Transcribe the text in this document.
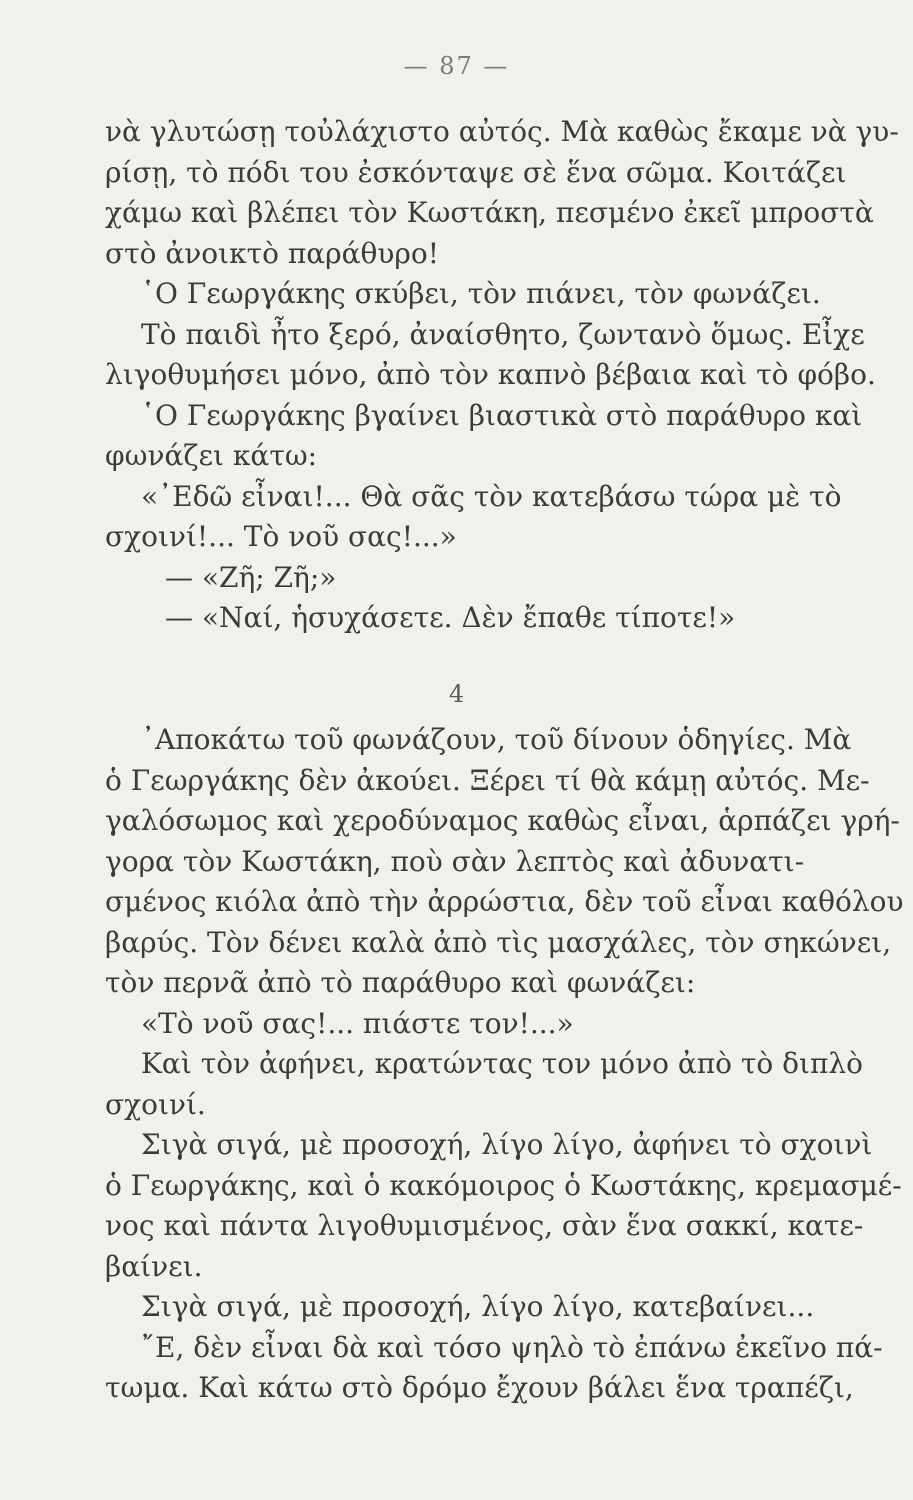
— 87 —
νὰ γλυτώσῃ τοὐλάχιστο αὐτός. Μὰ καθὼς ἔκαμε νὰ γυ-
ρίσῃ, τὸ πόδι του ἐσκόνταψε σὲ ἕνα σῶμα. Κοιτάζει
χάμω καὶ βλέπει τὸν Κωστάκη, πεσμένο ἐκεῖ μπροστὰ
στὸ ἀνοικτὸ παράθυρο!
῾Ο Γεωργάκης σκύβει, τὸν πιάνει, τὸν φωνάζει.
Τὸ παιδὶ ἦτο ξερό, ἀναίσθητο, ζωντανὸ ὅμως. Εἶχε
λιγοθυμήσει μόνο, ἀπὸ τὸν καπνὸ βέβαια καὶ τὸ φόβο.
῾Ο Γεωργάκης βγαίνει βιαστικὰ στὸ παράθυρο καὶ
φωνάζει κάτω:
«᾿Εδῶ εἶναι!... Θὰ σᾶς τὸν κατεβάσω τώρα μὲ τὸ
σχοινί!... Τὸ νοῦ σας!...»
— «Ζῆ; Ζῆ;»
— «Ναί, ἡσυχάσετε. Δὲν ἔπαθε τίποτε!»
4
᾿Αποκάτω τοῦ φωνάζουν, τοῦ δίνουν ὁδηγίες. Μὰ
ὁ Γεωργάκης δὲν ἀκούει. Ξέρει τί θὰ κάμῃ αὐτός. Με-
γαλόσωμος καὶ χεροδύναμος καθὼς εἶναι, ἁρπάζει γρή-
γορα τὸν Κωστάκη, ποὺ σὰν λεπτὸς καὶ ἀδυνατι-
σμένος κιόλα ἀπὸ τὴν ἀρρώστια, δὲν τοῦ εἶναι καθόλου
βαρύς. Τὸν δένει καλὰ ἀπὸ τὶς μασχάλες, τὸν σηκώνει,
τὸν περνᾶ ἀπὸ τὸ παράθυρο καὶ φωνάζει:
«Τὸ νοῦ σας!... πιάστε τον!...»
Καὶ τὸν ἀφήνει, κρατώντας τον μόνο ἀπὸ τὸ διπλὸ
σχοινί.
Σιγὰ σιγά, μὲ προσοχή, λίγο λίγο, ἀφήνει τὸ σχοινὶ
ὁ Γεωργάκης, καὶ ὁ κακόμοιρος ὁ Κωστάκης, κρεμασμέ-
νος καὶ πάντα λιγοθυμισμένος, σὰν ἕνα σακκί, κατε-
βαίνει.
Σιγὰ σιγά, μὲ προσοχή, λίγο λίγο, κατεβαίνει...
῎Ε, δὲν εἶναι δὰ καὶ τόσο ψηλὸ τὸ ἐπάνω ἐκεῖνο πά-
τωμα. Καὶ κάτω στὸ δρόμο ἔχουν βάλει ἕνα τραπέζι,
